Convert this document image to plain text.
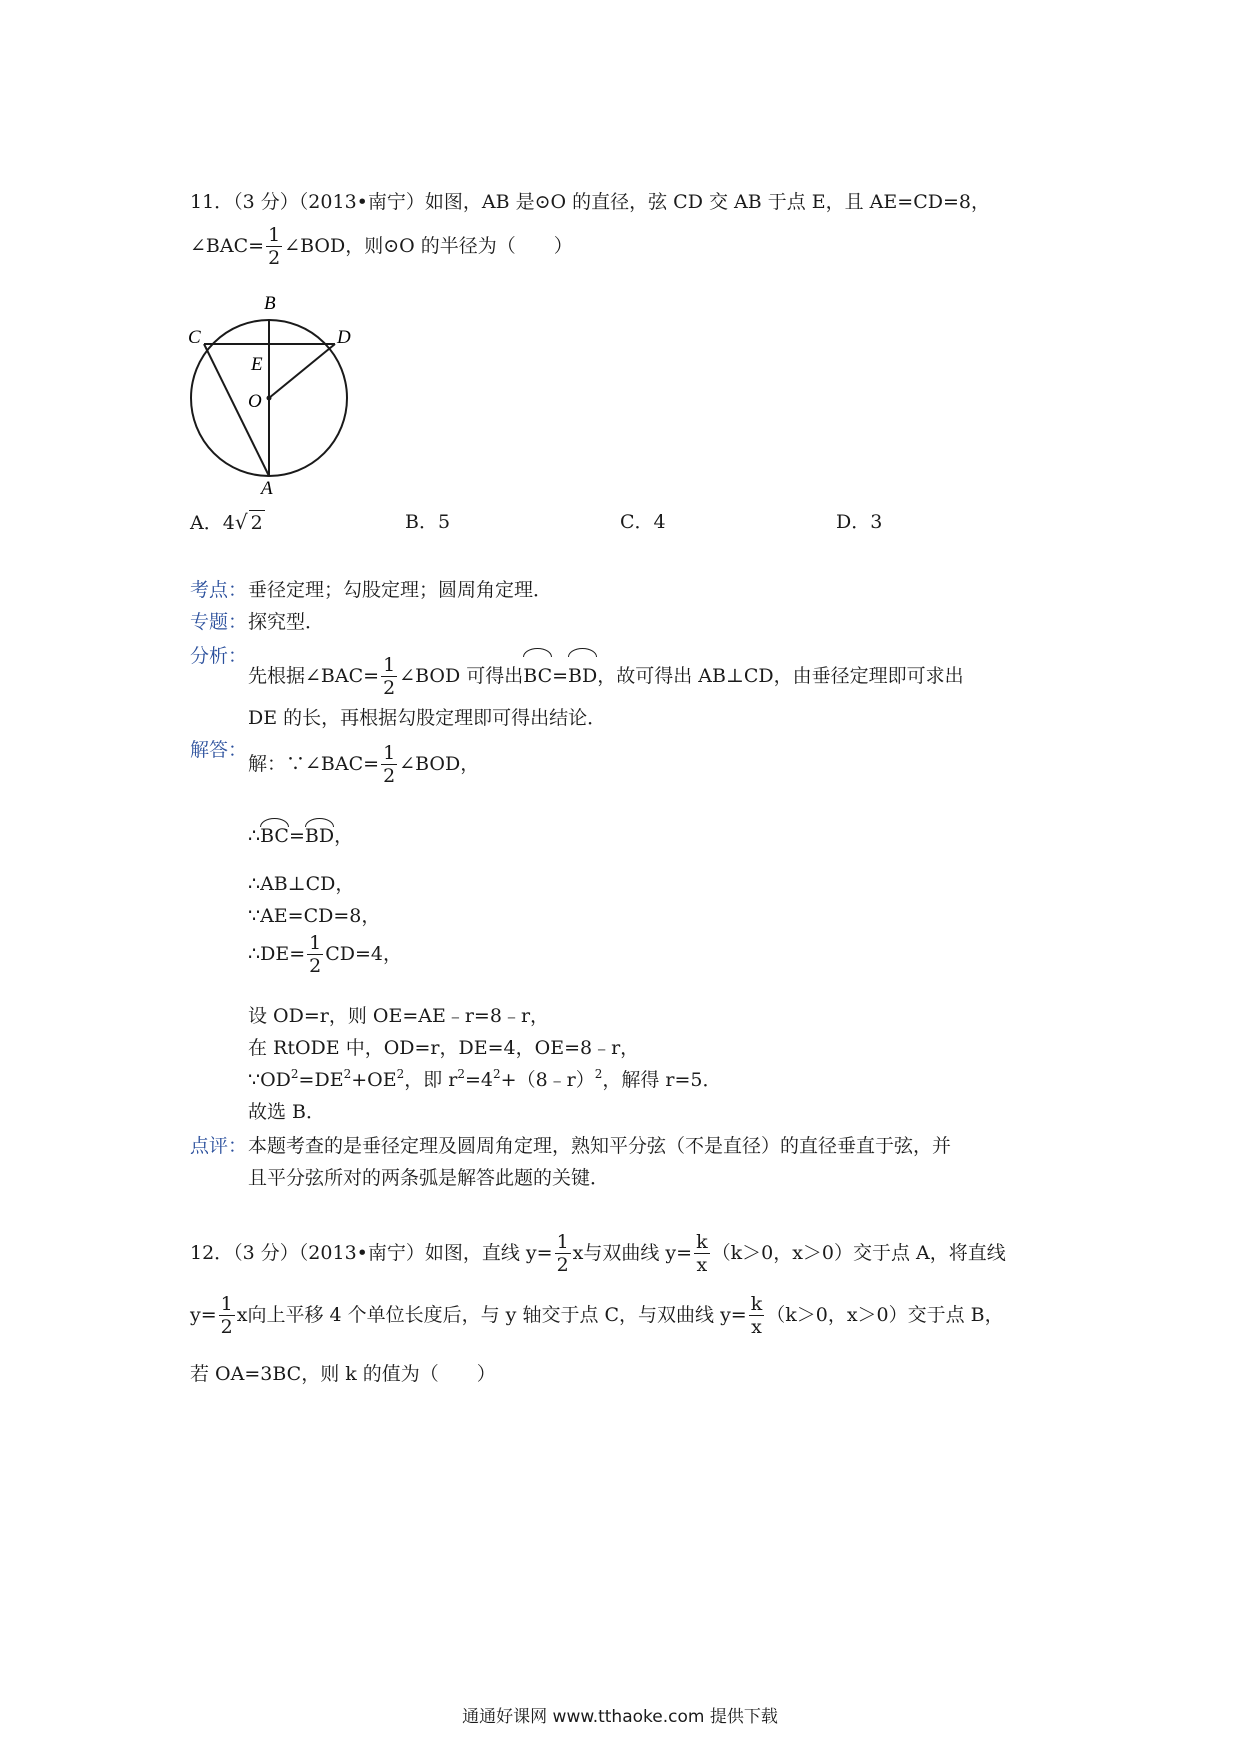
11．（3 分）（2013•南宁）如图，AB 是⊙O 的直径，弦 CD 交 AB 于点 E，且 AE=CD=8，
∠BAC= $\frac{1}{2}$ ∠BOD，则⊙O 的半径为（　　）
B
C	D
E
O
A
A．4√ 2	B．5	C．4	D．3
考点： 垂径定理；勾股定理；圆周角定理．
专题： 探究型．
分析：
先根据∠BAC= $\frac{1}{2}$ ∠BOD 可得出BC=BD，故可得出 AB⊥CD，由垂径定理即可求出
DE 的长，再根据勾股定理即可得出结论．
解答：
解：∵∠BAC= $\frac{1}{2}$ ∠BOD，
∴BC=BD，
∴AB⊥CD，
∵AE=CD=8，
∴DE= $\frac{1}{2} CD=4$，
设 OD=r，则 OE=AE﹣r=8﹣r，
在 RtODE 中，OD=r，DE=4，OE=8﹣r，
$\because OD^2=DE^2+OE^2$，即 $r^2=4^2+(8﹣r)^2$，解得 r=5．
故选 B．
点评： 本题考查的是垂径定理及圆周角定理，熟知平分弦（不是直径）的直径垂直于弦，并
且平分弦所对的两条弧是解答此题的关键．
12．（3 分）（2013•南宁）如图，直线 $y= \frac{1}{2}$ x与双曲线 $y= \frac{k}{x} (k>0$，x＞0）交于点 A，将直线
$y= \frac{1}{2}$ x向上平移 4 个单位长度后，与 y 轴交于点 C，与双曲线 $y= \frac{k}{x} (k>0$，x＞0）交于点 B，
若 OA=3BC，则 k 的值为（　　）
通通好课网 www.tthaoke.com 提供下载
